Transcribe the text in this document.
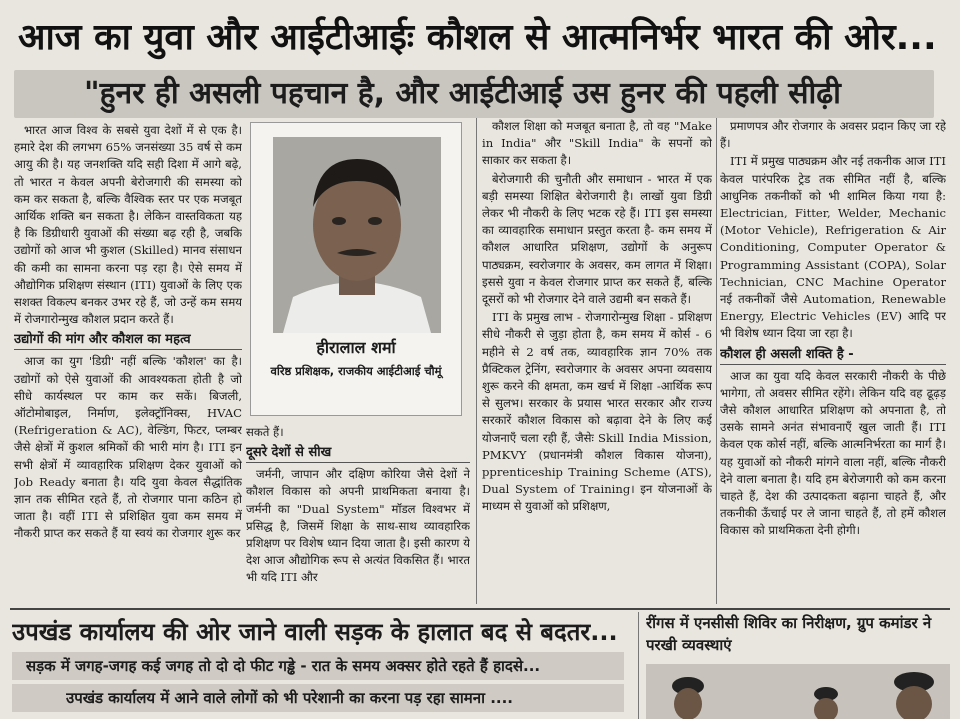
आज का युवा और आईटीआईः कौशल से आत्मनिर्भर भारत की ओर...
"हुनर ही असली पहचान है, और आईटीआई उस हुनर की पहली सीढ़ी

भारत आज विश्व के सबसे युवा देशों में से एक है। हमारे देश की लगभग 65% जनसंख्या 35 वर्ष से कम आयु की है। यह जनशक्ति यदि सही दिशा में आगे बढ़े, तो भारत न केवल अपनी बेरोजगारी की समस्या को कम कर सकता है, बल्कि वैश्विक स्तर पर एक मजबूत आर्थिक शक्ति बन सकता है। लेकिन वास्तविकता यह है कि डिग्रीधारी युवाओं की संख्या बढ़ रही है, जबकि उद्योगों को आज भी कुशल (Skilled) मानव संसाधन की कमी का सामना करना पड़ रहा है। ऐसे समय में औद्योगिक प्रशिक्षण संस्थान (ITI) युवाओं के लिए एक सशक्त विकल्प बनकर उभर रहे हैं, जो उन्हें कम समय में रोजगारोन्मुख कौशल प्रदान करते हैं।

उद्योगों की मांग और कौशल का महत्व

आज का युग 'डिग्री' नहीं बल्कि 'कौशल' का है। उद्योगों को ऐसे युवाओं की आवश्यकता होती है जो सीधे कार्यस्थल पर काम कर सकें। बिजली, ऑटोमोबाइल, निर्माण, इलेक्ट्रॉनिक्स, HVAC (Refrigeration & AC), वेल्डिंग, फिटर, प्लम्बर जैसे क्षेत्रों में कुशल श्रमिकों की भारी मांग है। ITI इन सभी क्षेत्रों में व्यावहारिक प्रशिक्षण देकर युवाओं को Job Ready बनाता है। यदि युवा केवल सैद्धांतिक ज्ञान तक सीमित रहते हैं, तो रोजगार पाना कठिन हो जाता है। वहीं ITI से प्रशिक्षित युवा कम समय में नौकरी प्राप्त कर सकते हैं या स्वयं का रोजगार शुरू कर

हीरालाल शर्मा
वरिष्ठ प्रशिक्षक, राजकीय आईटीआई चौमूं

सकते हैं।

दूसरे देशों से सीख

जर्मनी, जापान और दक्षिण कोरिया जैसे देशों ने कौशल विकास को अपनी प्राथमिकता बनाया है। जर्मनी का "Dual System" मॉडल विश्वभर में प्रसिद्ध है, जिसमें शिक्षा के साथ-साथ व्यावहारिक प्रशिक्षण पर विशेष ध्यान दिया जाता है। इसी कारण ये देश आज औद्योगिक रूप से अत्यंत विकसित हैं। भारत भी यदि ITI और

कौशल शिक्षा को मजबूत बनाता है, तो वह "Make in India" और "Skill India" के सपनों को साकार कर सकता है।

बेरोजगारी की चुनौती और समाधान - भारत में एक बड़ी समस्या शिक्षित बेरोजगारी है। लाखों युवा डिग्री लेकर भी नौकरी के लिए भटक रहे हैं। ITI इस समस्या का व्यावहारिक समाधान प्रस्तुत करता है- कम समय में कौशल आधारित प्रशिक्षण, उद्योगों के अनुरूप पाठ्यक्रम, स्वरोजगार के अवसर, कम लागत में शिक्षा। इससे युवा न केवल रोजगार प्राप्त कर सकते हैं, बल्कि दूसरों को भी रोजगार देने वाले उद्यमी बन सकते हैं।

ITI के प्रमुख लाभ - रोजगारोन्मुख शिक्षा - प्रशिक्षण सीधे नौकरी से जुड़ा होता है, कम समय में कोर्स - 6 महीने से 2 वर्ष तक, व्यावहारिक ज्ञान 70% तक प्रैक्टिकल ट्रेनिंग, स्वरोजगार के अवसर अपना व्यवसाय शुरू करने की क्षमता, कम खर्च में शिक्षा -आर्थिक रूप से सुलभ। सरकार के प्रयास भारत सरकार और राज्य सरकारें कौशल विकास को बढ़ावा देने के लिए कई योजनाएँ चला रही हैं, जैसेः Skill India Mission, PMKVY (प्रधानमंत्री कौशल विकास योजना), pprenticeship Training Scheme (ATS), Dual System of Training। इन योजनाओं के माध्यम से युवाओं को प्रशिक्षण,

प्रमाणपत्र और रोजगार के अवसर प्रदान किए जा रहे हैं।

ITI में प्रमुख पाठ्यक्रम और नई तकनीक आज ITI केवल पारंपरिक ट्रेड तक सीमित नहीं है, बल्कि आधुनिक तकनीकों को भी शामिल किया गया है: Electrician, Fitter, Welder, Mechanic (Motor Vehicle), Refrigeration & Air Conditioning, Computer Operator & Programming Assistant (COPA), Solar Technician, CNC Machine Operator नई तकनीकों जैसे Automation, Renewable Energy, Electric Vehicles (EV) आदि पर भी विशेष ध्यान दिया जा रहा है।

कौशल ही असली शक्ति है -

आज का युवा यदि केवल सरकारी नौकरी के पीछे भागेगा, तो अवसर सीमित रहेंगे। लेकिन यदि वह ढूढ़ड़ जैसे कौशल आधारित प्रशिक्षण को अपनाता है, तो उसके सामने अनंत संभावनाएँ खुल जाती हैं। ITI केवल एक कोर्स नहीं, बल्कि आत्मनिर्भरता का मार्ग है। यह युवाओं को नौकरी मांगने वाला नहीं, बल्कि नौकरी देने वाला बनाता है। यदि हम बेरोजगारी को कम करना चाहते हैं, देश की उत्पादकता बढ़ाना चाहते हैं, और तकनीकी ऊँचाई पर ले जाना चाहते हैं, तो हमें कौशल विकास को प्राथमिकता देनी होगी।

उपखंड कार्यालय की ओर जाने वाली सड़क के हालात बद से बदतर...
सड़क में जगह-जगह कई जगह तो दो दो फीट गड्ढे - रात के समय अक्सर होते रहते हैं हादसे...
उपखंड कार्यालय में आने वाले लोगों को भी परेशानी का करना पड़ रहा सामना ....
रींगस में एनसीसी शिविर का निरीक्षण, ग्रुप कमांडर ने परखी व्यवस्थाएं
